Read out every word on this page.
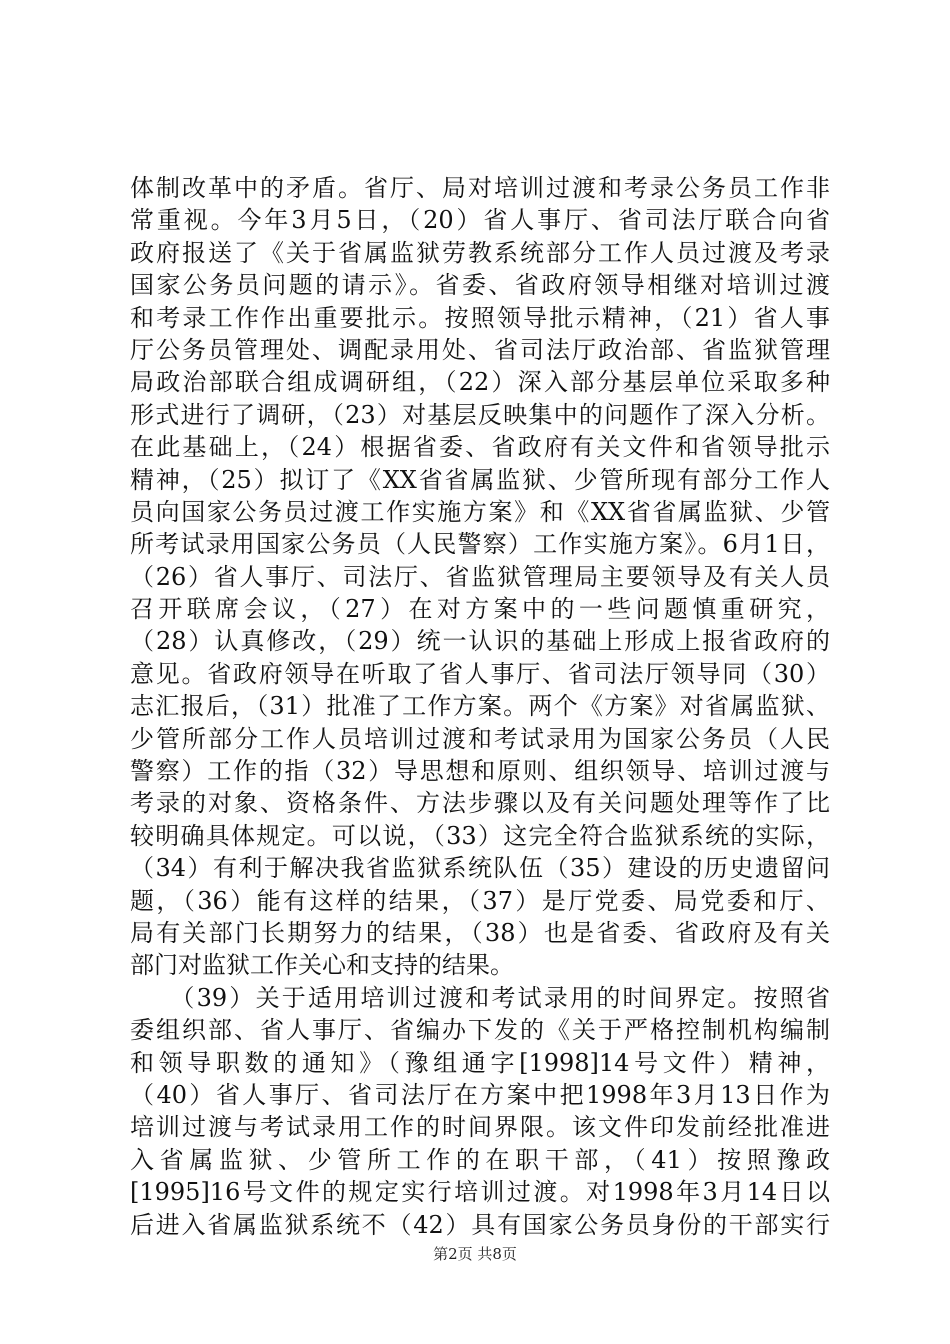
体制改革中的矛盾。省厅、局对培训过渡和考录公务员工作非
常重视。今年3月5日，（20）省人事厅、省司法厅联合向省
政府报送了《关于省属监狱劳教系统部分工作人员过渡及考录
国家公务员问题的请示》。省委、省政府领导相继对培训过渡
和考录工作作出重要批示。按照领导批示精神，（21）省人事
厅公务员管理处、调配录用处、省司法厅政治部、省监狱管理
局政治部联合组成调研组，（22）深入部分基层单位采取多种
形式进行了调研，（23）对基层反映集中的问题作了深入分析。
在此基础上，（24）根据省委、省政府有关文件和省领导批示
精神，（25）拟订了《XX省省属监狱、少管所现有部分工作人
员向国家公务员过渡工作实施方案》和《XX省省属监狱、少管
所考试录用国家公务员（人民警察）工作实施方案》。6月1日，
（26）省人事厅、司法厅、省监狱管理局主要领导及有关人员
召开联席会议，（27）在对方案中的一些问题慎重研究，
（28）认真修改，（29）统一认识的基础上形成上报省政府的
意见。省政府领导在听取了省人事厅、省司法厅领导同（30）
志汇报后，（31）批准了工作方案。两个《方案》对省属监狱、
少管所部分工作人员培训过渡和考试录用为国家公务员（人民
警察）工作的指（32）导思想和原则、组织领导、培训过渡与
考录的对象、资格条件、方法步骤以及有关问题处理等作了比
较明确具体规定。可以说，（33）这完全符合监狱系统的实际，
（34）有利于解决我省监狱系统队伍（35）建设的历史遗留问
题，（36）能有这样的结果，（37）是厅党委、局党委和厅、
局有关部门长期努力的结果，（38）也是省委、省政府及有关
部门对监狱工作关心和支持的结果。
　　（39）关于适用培训过渡和考试录用的时间界定。按照省
委组织部、省人事厅、省编办下发的《关于严格控制机构编制
和领导职数的通知》（豫组通字[1998]14号文件）精神，
（40）省人事厅、省司法厅在方案中把1998年3月13日作为
培训过渡与考试录用工作的时间界限。该文件印发前经批准进
入省属监狱、少管所工作的在职干部，（41）按照豫政
[1995]16号文件的规定实行培训过渡。对1998年3月14日以
后进入省属监狱系统不（42）具有国家公务员身份的干部实行
第2页 共8页
